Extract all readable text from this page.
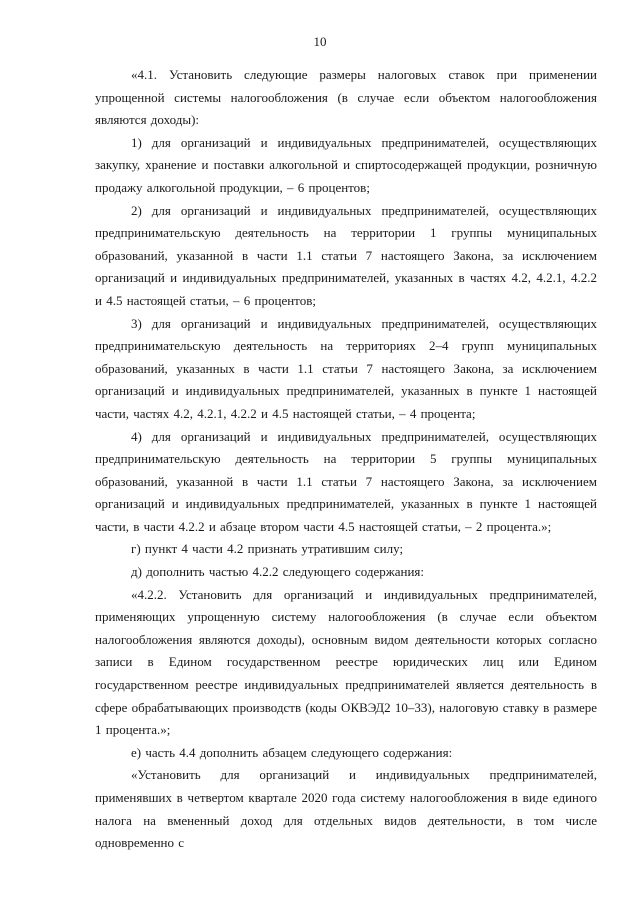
10

«4.1. Установить следующие размеры налоговых ставок при применении упрощенной системы налогообложения (в случае если объектом налогообложения являются доходы):

1) для организаций и индивидуальных предпринимателей, осуществляющих закупку, хранение и поставки алкогольной и спиртосодержащей продукции, розничную продажу алкогольной продукции, – 6 процентов;

2) для организаций и индивидуальных предпринимателей, осуществляющих предпринимательскую деятельность на территории 1 группы муниципальных образований, указанной в части 1.1 статьи 7 настоящего Закона, за исключением организаций и индивидуальных предпринимателей, указанных в частях 4.2, 4.2.1, 4.2.2 и 4.5 настоящей статьи, – 6 процентов;

3) для организаций и индивидуальных предпринимателей, осуществляющих предпринимательскую деятельность на территориях 2–4 групп муниципальных образований, указанных в части 1.1 статьи 7 настоящего Закона, за исключением организаций и индивидуальных предпринимателей, указанных в пункте 1 настоящей части, частях 4.2, 4.2.1, 4.2.2 и 4.5 настоящей статьи, – 4 процента;

4) для организаций и индивидуальных предпринимателей, осуществляющих предпринимательскую деятельность на территории 5 группы муниципальных образований, указанной в части 1.1 статьи 7 настоящего Закона, за исключением организаций и индивидуальных предпринимателей, указанных в пункте 1 настоящей части, в части 4.2.2 и абзаце втором части 4.5 настоящей статьи, – 2 процента.»;

г) пункт 4 части 4.2 признать утратившим силу;

д) дополнить частью 4.2.2 следующего содержания:

«4.2.2. Установить для организаций и индивидуальных предпринимателей, применяющих упрощенную систему налогообложения (в случае если объектом налогообложения являются доходы), основным видом деятельности которых согласно записи в Едином государственном реестре юридических лиц или Едином государственном реестре индивидуальных предпринимателей является деятельность в сфере обрабатывающих производств (коды ОКВЭД2 10–33), налоговую ставку в размере 1 процента.»;

е) часть 4.4 дополнить абзацем следующего содержания:

«Установить для организаций и индивидуальных предпринимателей, применявших в четвертом квартале 2020 года систему налогообложения в виде единого налога на вмененный доход для отдельных видов деятельности, в том числе одновременно с
